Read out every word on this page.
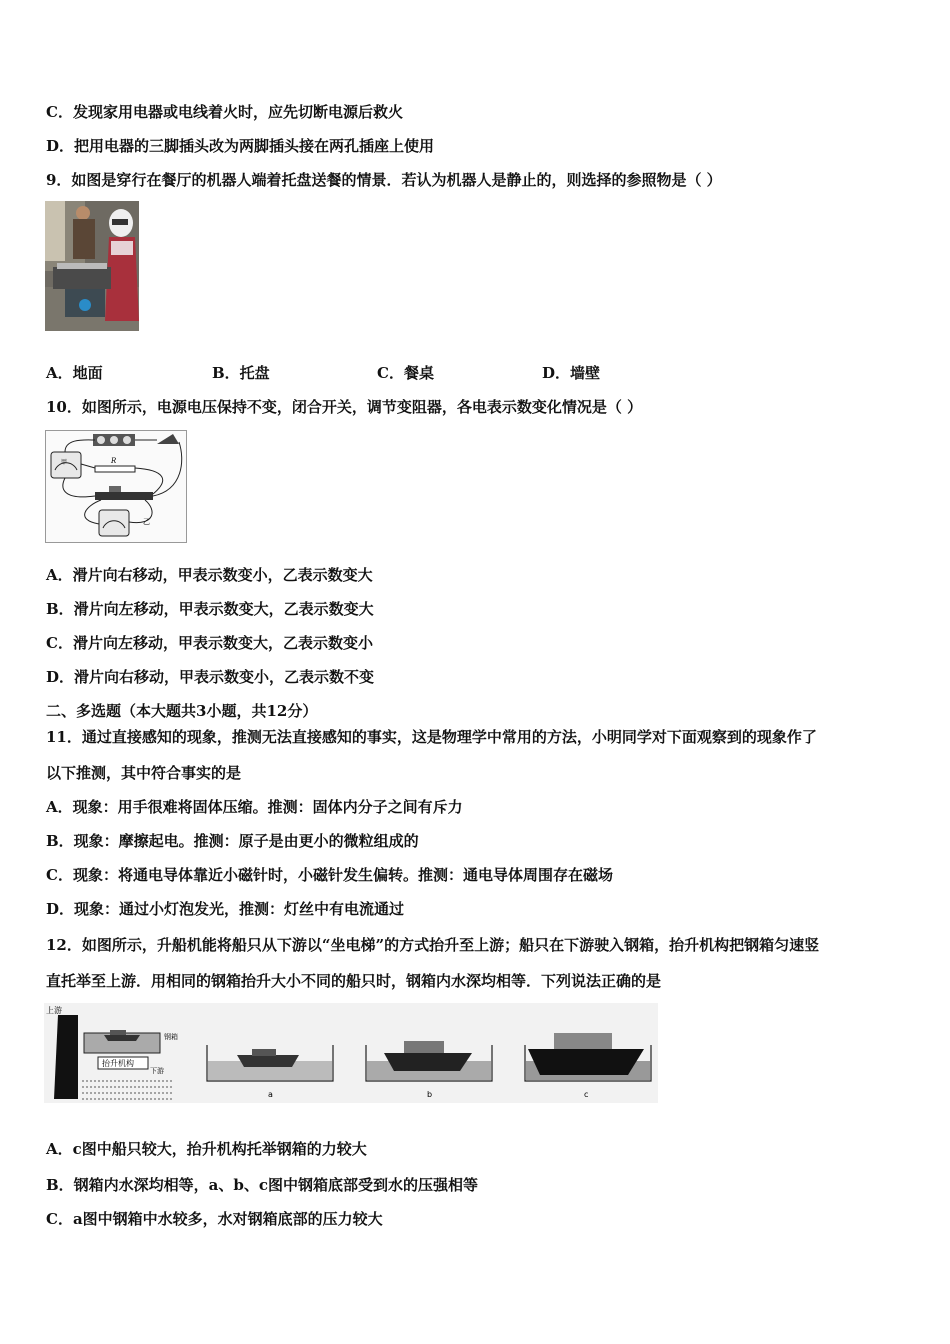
C．发现家用电器或电线着火时，应先切断电源后救火
D．把用电器的三脚插头改为两脚插头接在两孔插座上使用
9．如图是穿行在餐厅的机器人端着托盘送餐的情景．若认为机器人是静止的，则选择的参照物是（ ）
A．地面	B．托盘	C．餐桌	D．墙壁
10．如图所示，电源电压保持不变，闭合开关，调节变阻器，各电表示数变化情况是（ ）
甲	R
乙
A．滑片向右移动，甲表示数变小，乙表示数变大
B．滑片向左移动，甲表示数变大，乙表示数变大
C．滑片向左移动，甲表示数变大，乙表示数变小
D．滑片向右移动，甲表示数变小，乙表示数不变
二、多选题（本大题共3小题，共12分）
11．通过直接感知的现象，推测无法直接感知的事实，这是物理学中常用的方法，小明同学对下面观察到的现象作了
以下推测，其中符合事实的是
A．现象：用手很难将固体压缩。推测：固体内分子之间有斥力
B．现象：摩擦起电。推测：原子是由更小的微粒组成的
C．现象：将通电导体靠近小磁针时，小磁针发生偏转。推测：通电导体周围存在磁场
D．现象：通过小灯泡发光，推测：灯丝中有电流通过
12．如图所示，升船机能将船只从下游以“坐电梯”的方式抬升至上游；船只在下游驶入钢箱，抬升机构把钢箱匀速竖
直托举至上游．用相同的钢箱抬升大小不同的船只时，钢箱内水深均相等．下列说法正确的是
上游
钢箱
抬升机构
下游
a	b	c
A．c图中船只较大，抬升机构托举钢箱的力较大
B．钢箱内水深均相等，a、b、c图中钢箱底部受到水的压强相等
C．a图中钢箱中水较多，水对钢箱底部的压力较大
